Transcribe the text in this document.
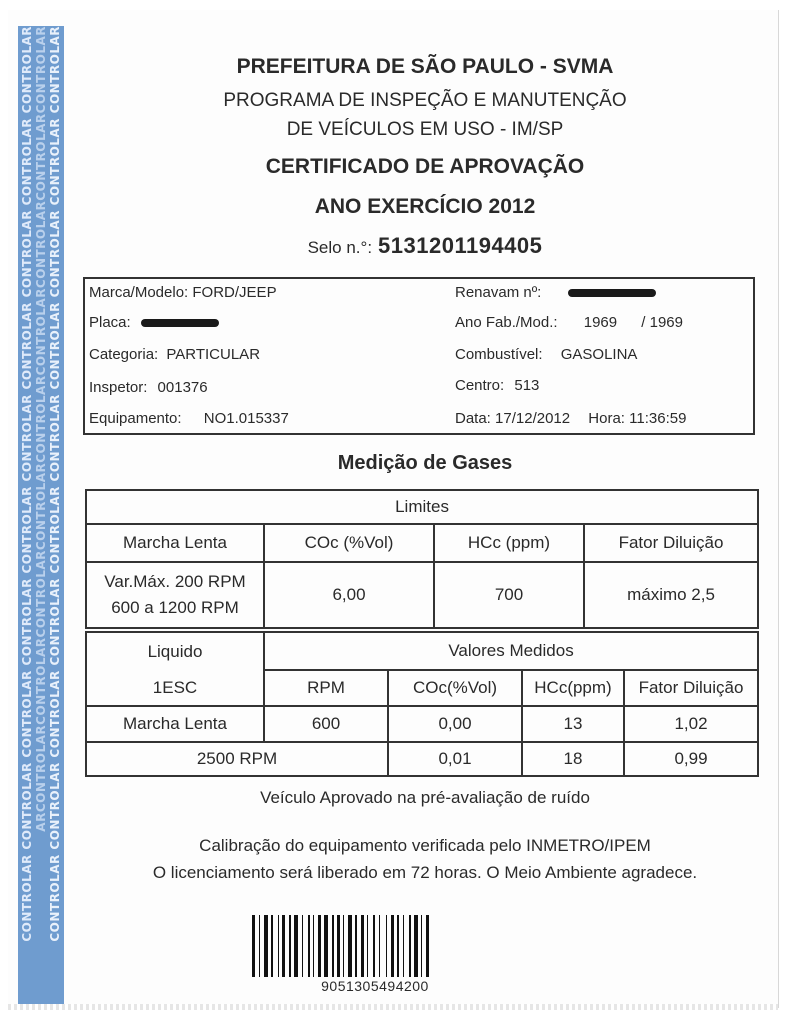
CONTROLAR CONTROLAR CONTROLAR CONTROLAR CONTROLAR CONTROLAR CONTROLAR CONTROLAR CONTROLAR CONTROLAR ARCONTROLARCONTROLARCONTROLARCONTROLARCONTROLARCONTROLARCONTROLARCONTROLARCONTROLAR CONTROLAR CONTROLAR CONTROLAR CONTROLAR CONTROLAR CONTROLAR CONTROLAR CONTROLAR CONTROLAR CONTROLAR	PREFEITURA DE SÃO PAULO - SVMA
PROGRAMA DE INSPEÇÃO E MANUTENÇÃO
DE VEÍCULOS EM USO - IM/SP
CERTIFICADO DE APROVAÇÃO
ANO EXERCÍCIO 2012
Selo n.°: 5131201194405
Marca/Modelo: FORD/JEEP	Renavam nº:
Placa:	Ano Fab./Mod.: 1969 / 1969
Categoria: PARTICULAR	Combustível: GASOLINA
Inspetor: 001376	Centro: 513
Equipamento: NO1.015337	Data: 17/12/2012 Hora: 11:36:59
Medição de Gases
Limites			
Marcha Lenta	COc (%Vol)	HCc (ppm)	Fator Diluição

Var.Máx. 200 RPM
600 a 1200 RPM	6,00	700	máximo 2,5
Liquido	Valores Medidos			
1ESC	RPM	COc(%Vol)	HCc(ppm)	Fator Diluição
Marcha Lenta	600	0,00	13	1,02
2500 RPM		0,01	18	0,99
Veículo Aprovado na pré-avaliação de ruído
Calibração do equipamento verificada pelo INMETRO/IPEM
O licenciamento será liberado em 72 horas. O Meio Ambiente agradece.
9051305494200
